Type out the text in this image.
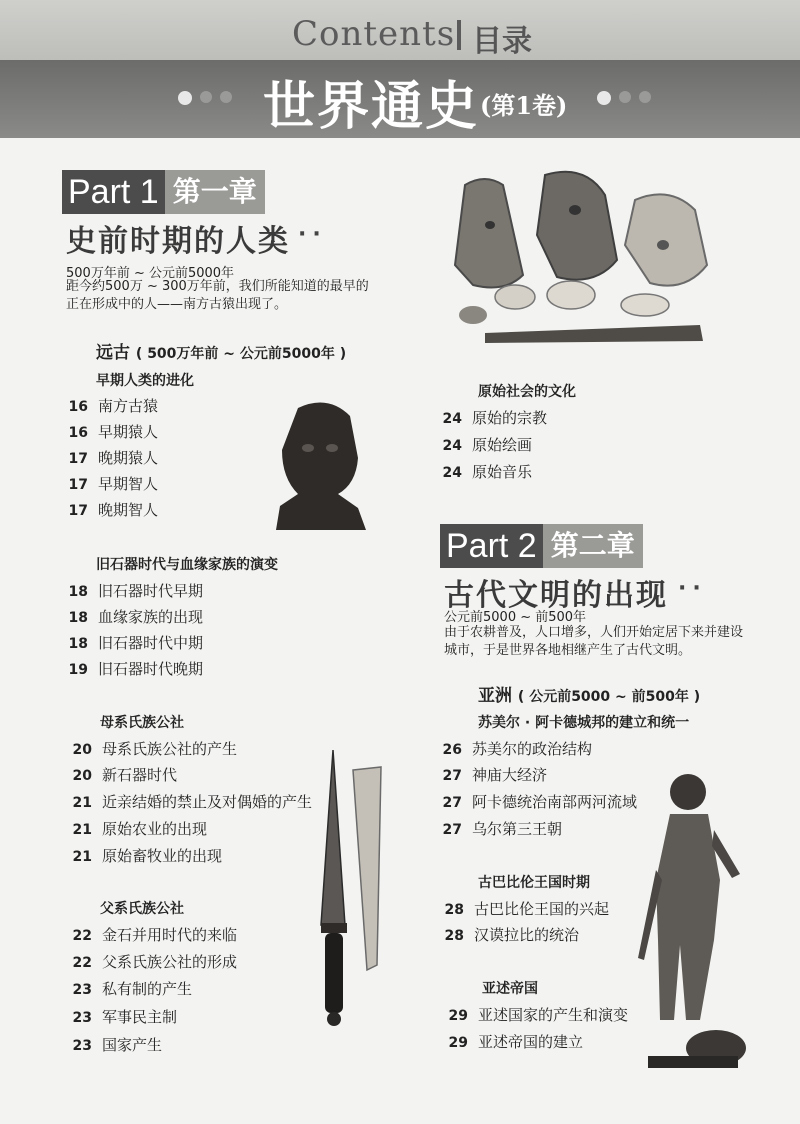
Contents 目录
世界通史 (第1卷)
Part 1 第一章
史前时期的人类 ··
500万年前 ~ 公元前5000年
距今约500万 ~ 300万年前，我们所能知道的最早的正在形成中的人——南方古猿出现了。
远古 ( 500万年前 ~ 公元前5000年 )
早期人类的进化
16 南方古猿
16 早期猿人
17 晚期猿人
17 早期智人
17 晚期智人
旧石器时代与血缘家族的演变
18 旧石器时代早期
18 血缘家族的出现
18 旧石器时代中期
19 旧石器时代晚期
母系氏族公社
20 母系氏族公社的产生
20 新石器时代
21 近亲结婚的禁止及对偶婚的产生
21 原始农业的出现
21 原始畜牧业的出现
父系氏族公社
22 金石并用时代的来临
22 父系氏族公社的形成
23 私有制的产生
23 军事民主制
23 国家产生
原始社会的文化
24 原始的宗教
24 原始绘画
24 原始音乐
Part 2 第二章
古代文明的出现 ··
公元前5000 ~ 前500年
由于农耕普及，人口增多，人们开始定居下来并建设城市，于是世界各地相继产生了古代文明。
亚洲 ( 公元前5000 ~ 前500年 )
苏美尔 · 阿卡德城邦的建立和统一
26 苏美尔的政治结构
27 神庙大经济
27 阿卡德统治南部两河流域
27 乌尔第三王朝
古巴比伦王国时期
28 古巴比伦王国的兴起
28 汉谟拉比的统治
亚述帝国
29 亚述国家的产生和演变
29 亚述帝国的建立
